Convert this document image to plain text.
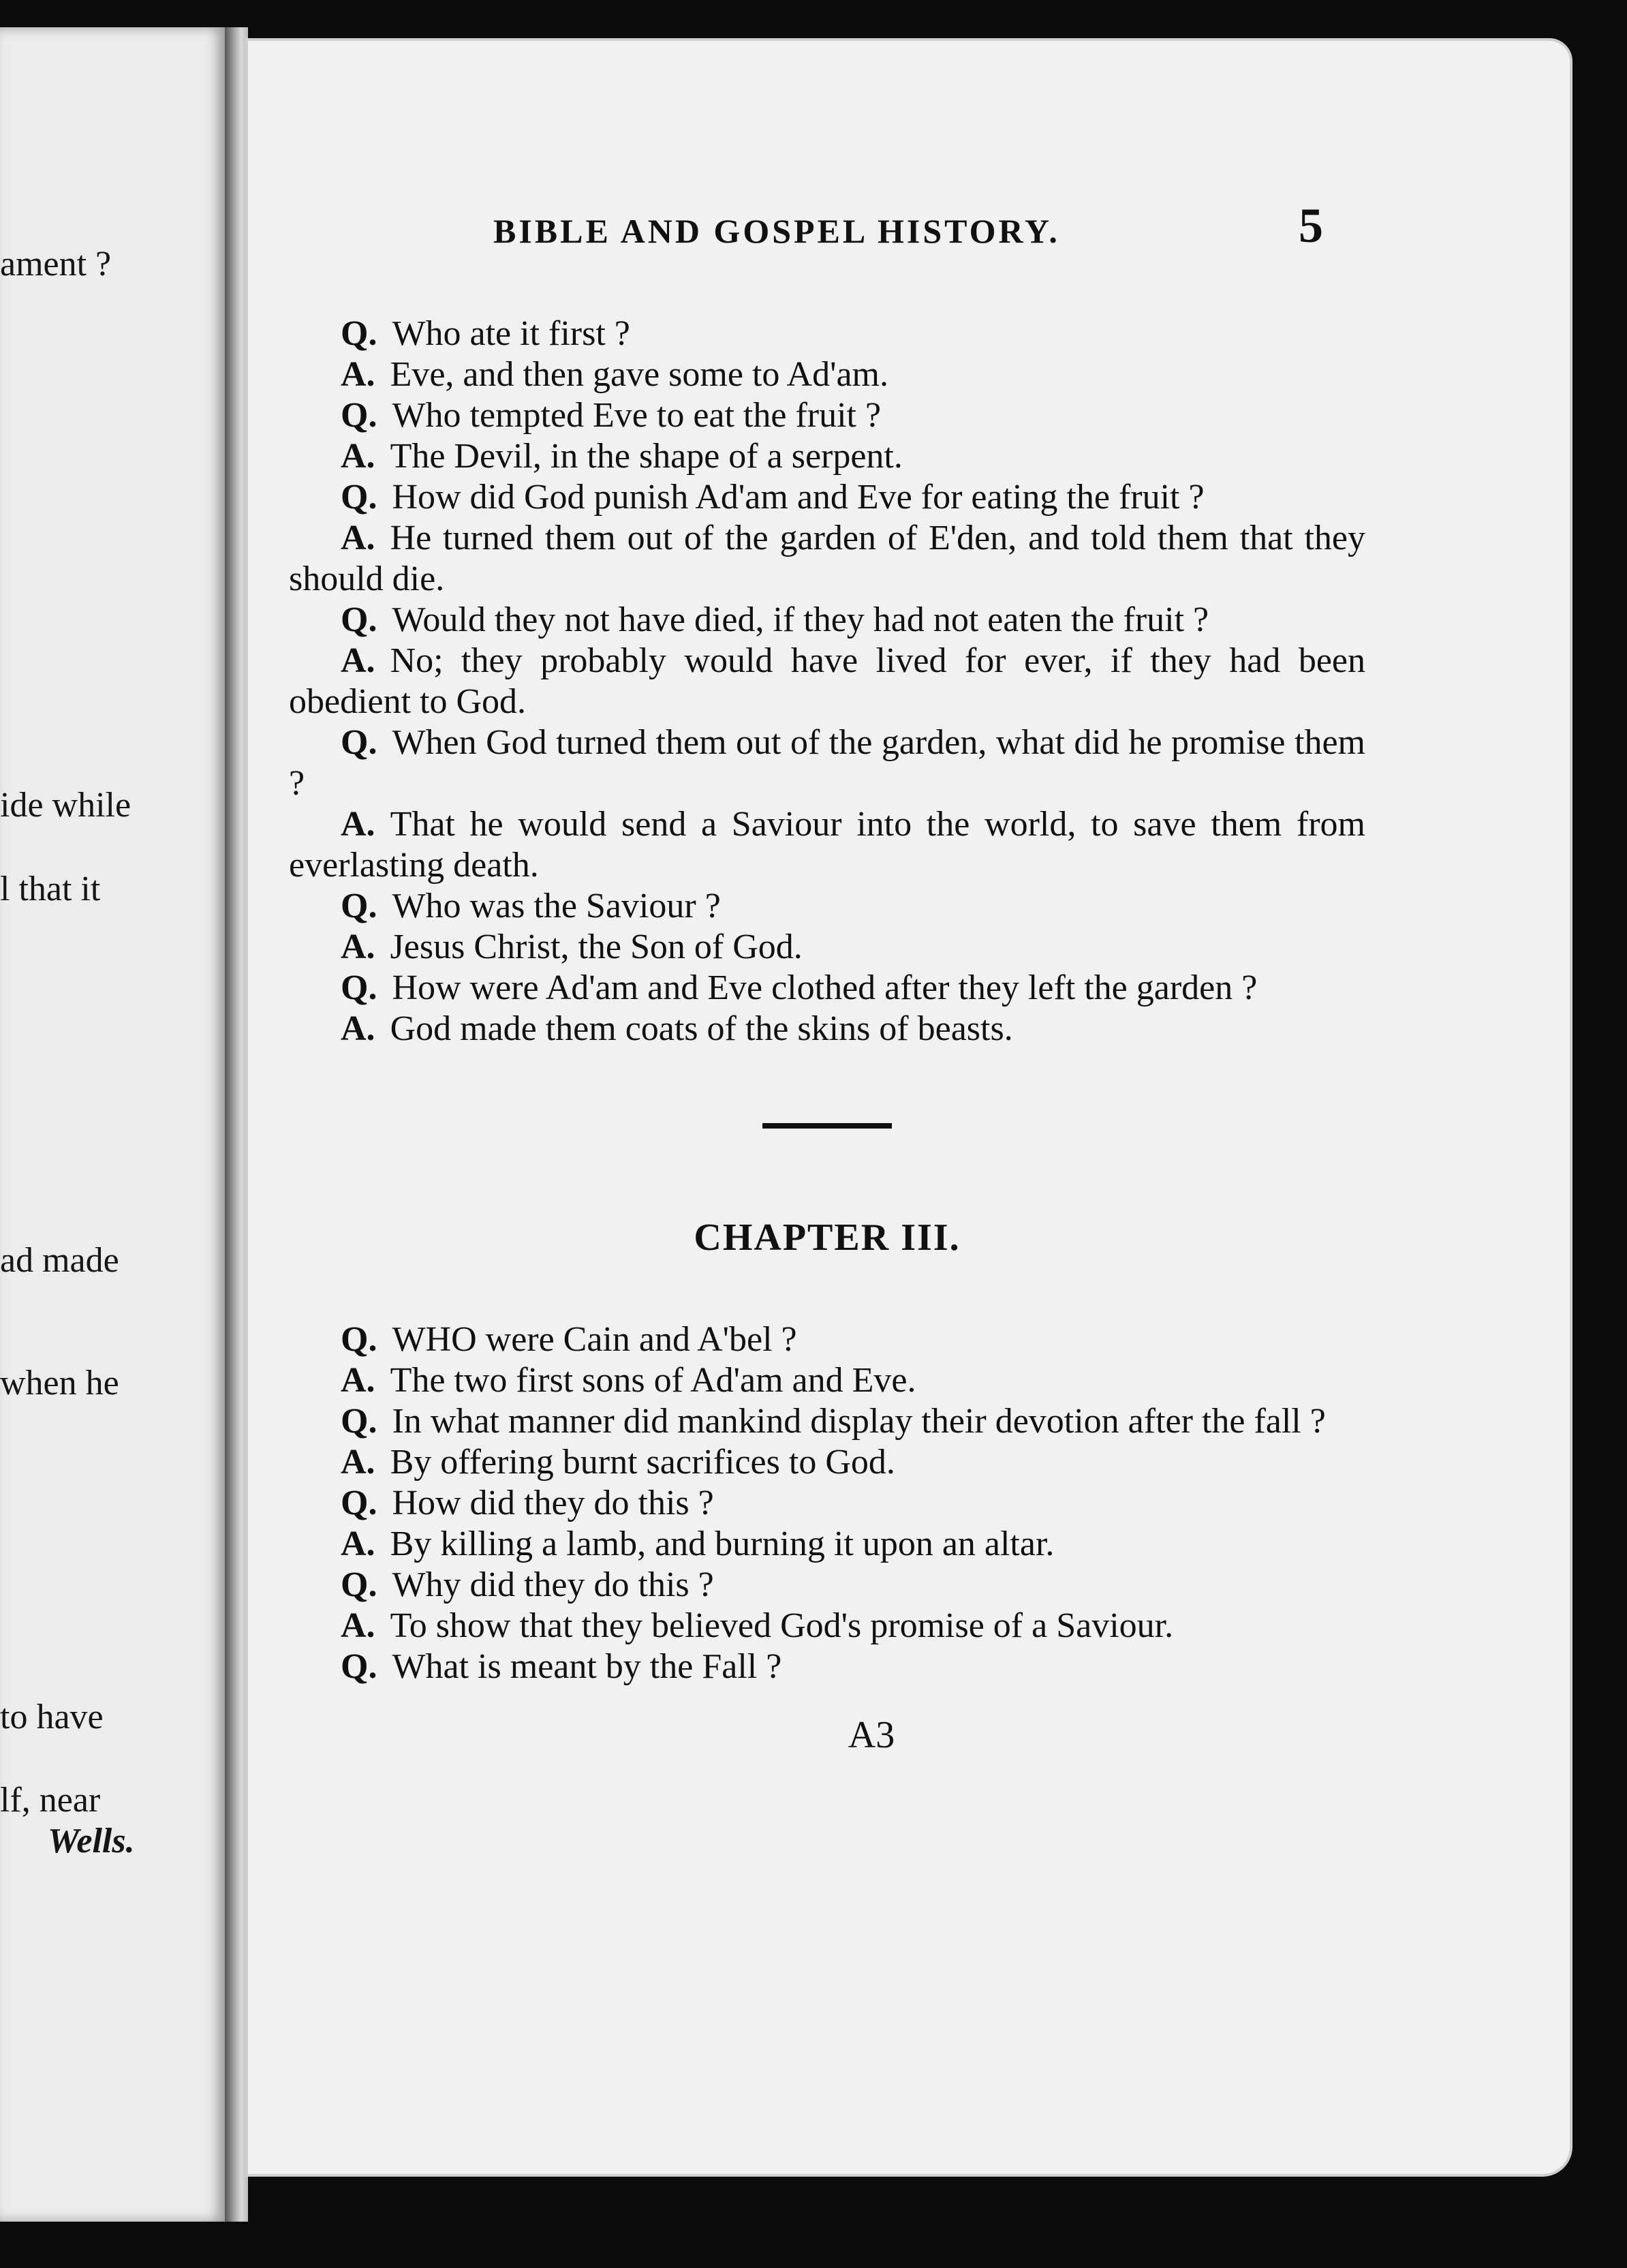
ament ?
ide while
l that it
ad made
when he
to have
lf, near
Wells.
BIBLE AND GOSPEL HISTORY.	5

Q. Who ate it first ?

A. Eve, and then gave some to Ad'am.

Q. Who tempted Eve to eat the fruit ?

A. The Devil, in the shape of a serpent.

Q. How did God punish Ad'am and Eve for eating the fruit ?

A. He turned them out of the garden of E'den, and told them that they should die.

Q. Would they not have died, if they had not eaten the fruit ?

A. No; they probably would have lived for ever, if they had been obedient to God.

Q. When God turned them out of the garden, what did he promise them ?

A. That he would send a Saviour into the world, to save them from everlasting death.

Q. Who was the Saviour ?

A. Jesus Christ, the Son of God.

Q. How were Ad'am and Eve clothed after they left the garden ?

A. God made them coats of the skins of beasts.

CHAPTER III.

Q. WHO were Cain and A'bel ?

A. The two first sons of Ad'am and Eve.

Q. In what manner did mankind display their devotion after the fall ?

A. By offering burnt sacrifices to God.

Q. How did they do this ?

A. By killing a lamb, and burning it upon an altar.

Q. Why did they do this ?

A. To show that they believed God's promise of a Saviour.

Q. What is meant by the Fall ?

A3
